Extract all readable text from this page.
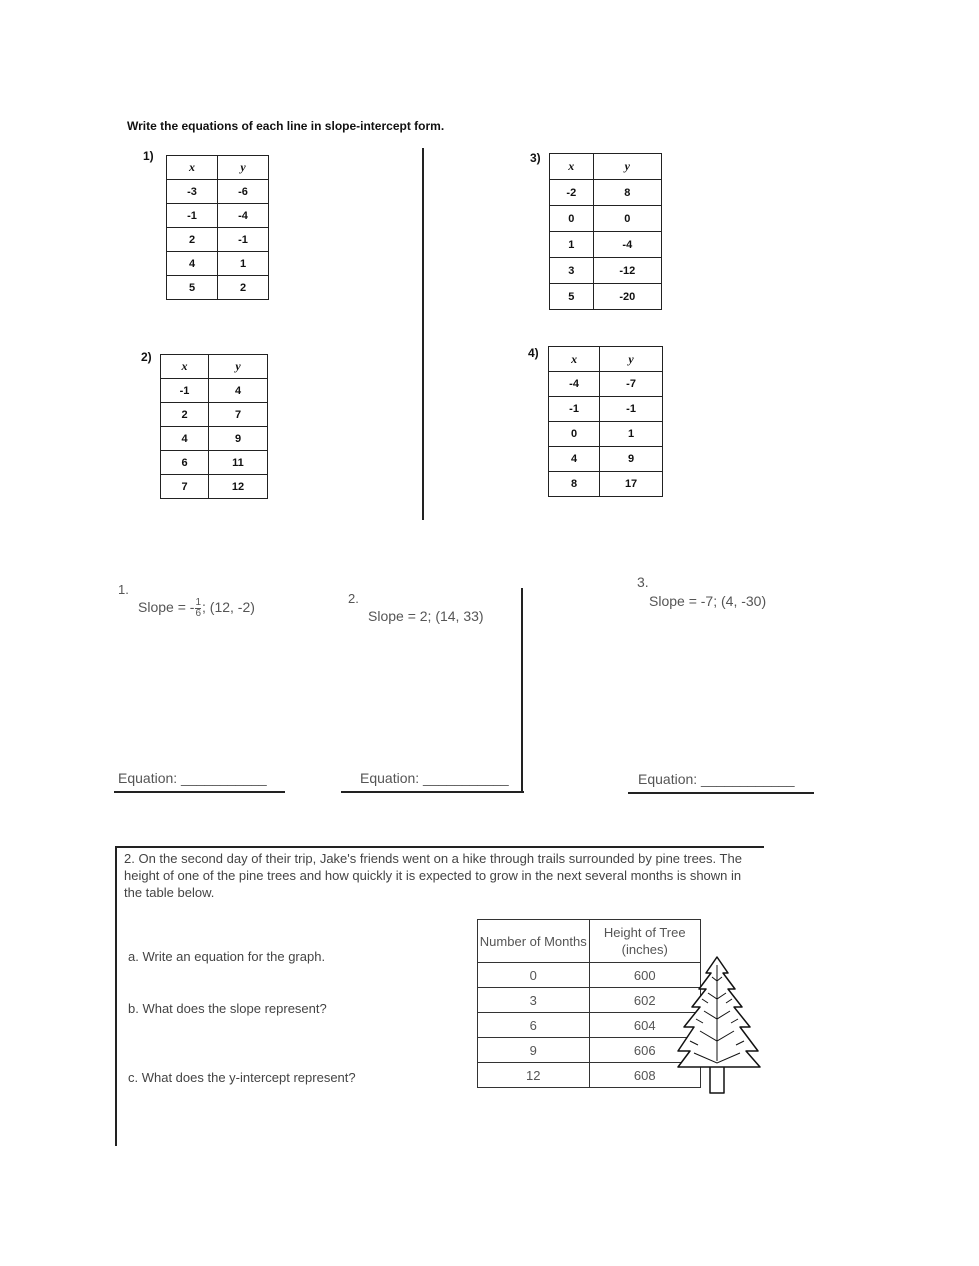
Write the equations of each line in slope-intercept form.
1)
x	y
-3	-6
-1	-4
2	-1
4	1
5	2
2)
x	y
-1	4
2	7
4	9
6	11
7	12
3)
x	y
-2	8
0	0
1	-4
3	-12
5	-20
4)	x	y
-4	-7
-1	-1
0	1
4	9
8	17
1.
Slope = - $\frac{1}{6}$ ; (12, -2)
Equation: ___________
2.
Slope = 2; (14, 33)
Equation: ___________
3.
Slope = -7; (4, -30)
Equation: ____________
2. On the second day of their trip, Jake's friends went on a hike through trails surrounded by pine trees. The height of one of the pine trees and how quickly it is expected to grow in the next several months is shown in the table below.
a. Write an equation for the graph.
b. What does the slope represent?
c. What does the y-intercept represent?
Number of Months	Height of Tree (inches)
0	600
3	602
6	604
9	606
12	608
